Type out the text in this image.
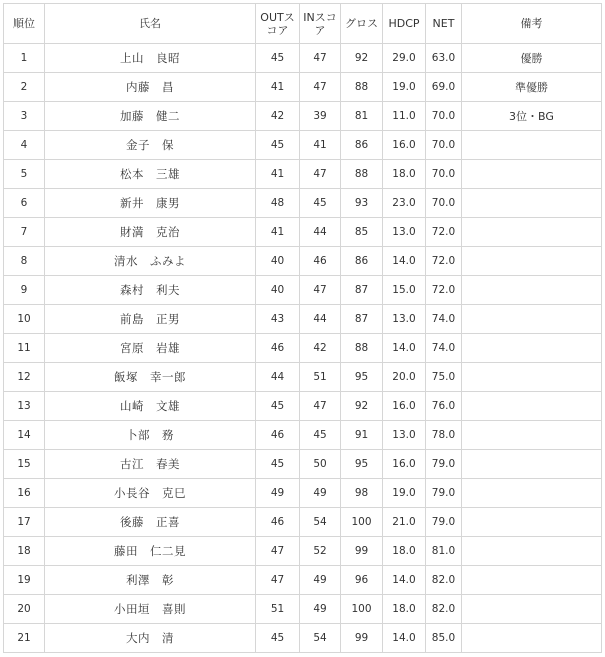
順位	氏名	OUTスコア	INスコア	グロス	HDCP	NET	備考
1	上山　良昭	45	47	92	29.0	63.0	優勝
2	内藤　昌	41	47	88	19.0	69.0	準優勝
3	加藤　健二	42	39	81	11.0	70.0	3位・BG
4	金子　保	45	41	86	16.0	70.0	
5	松本　三雄	41	47	88	18.0	70.0	
6	新井　康男	48	45	93	23.0	70.0	
7	財満　克治	41	44	85	13.0	72.0	
8	清水　ふみよ	40	46	86	14.0	72.0	
9	森村　利夫	40	47	87	15.0	72.0	
10	前島　正男	43	44	87	13.0	74.0	
11	宮原　岩雄	46	42	88	14.0	74.0	
12	飯塚　幸一郎	44	51	95	20.0	75.0	
13	山崎　文雄	45	47	92	16.0	76.0	
14	卜部　務	46	45	91	13.0	78.0	
15	古江　春美	45	50	95	16.0	79.0	
16	小長谷　克巳	49	49	98	19.0	79.0	
17	後藤　正喜	46	54	100	21.0	79.0	
18	藤田　仁二見	47	52	99	18.0	81.0	
19	利澤　彰	47	49	96	14.0	82.0	
20	小田垣　喜則	51	49	100	18.0	82.0	
21	大内　清	45	54	99	14.0	85.0	
